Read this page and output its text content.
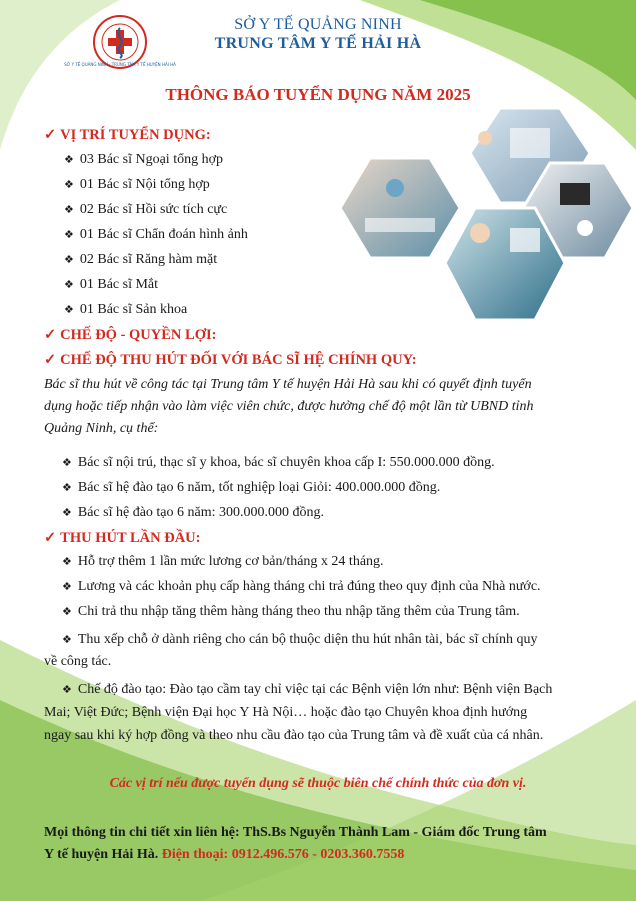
SỞ Y TẾ QUẢNG NINH · TRUNG TÂM Y TẾ HUYỆN HẢI HÀ
SỞ Y TẾ QUẢNG NINH
TRUNG TÂM Y TẾ HẢI HÀ
THÔNG BÁO TUYỂN DỤNG NĂM 2025
✓ VỊ TRÍ TUYỂN DỤNG:
❖ 03 Bác sĩ Ngoại tổng hợp
❖ 01 Bác sĩ Nội tổng hợp
❖ 02 Bác sĩ Hồi sức tích cực
❖ 01 Bác sĩ Chẩn đoán hình ảnh
❖ 02 Bác sĩ Răng hàm mặt
❖ 01 Bác sĩ Mắt
❖ 01 Bác sĩ Sản khoa
✓ CHẾ ĐỘ - QUYỀN LỢI:
✓ CHẾ ĐỘ THU HÚT ĐỐI VỚI BÁC SĨ HỆ CHÍNH QUY:
Bác sĩ thu hút về công tác tại Trung tâm Y tế huyện Hải Hà sau khi có quyết định tuyển
dụng hoặc tiếp nhận vào làm việc viên chức, được hưởng chế độ một lần từ UBND tỉnh
Quảng Ninh, cụ thể:
❖ Bác sĩ nội trú, thạc sĩ y khoa, bác sĩ chuyên khoa cấp I: 550.000.000 đồng.
❖ Bác sĩ hệ đào tạo 6 năm, tốt nghiệp loại Giỏi: 400.000.000 đồng.
❖ Bác sĩ hệ đào tạo 6 năm: 300.000.000 đồng.
✓ THU HÚT LẦN ĐẦU:
❖ Hỗ trợ thêm 1 lần mức lương cơ bản/tháng x 24 tháng.
❖ Lương và các khoản phụ cấp hàng tháng chi trả đúng theo quy định của Nhà nước.
❖ Chi trả thu nhập tăng thêm hàng tháng theo thu nhập tăng thêm của Trung tâm.
❖ Thu xếp chỗ ở dành riêng cho cán bộ thuộc diện thu hút nhân tài, bác sĩ chính quy
về công tác.
❖ Chế độ đào tạo: Đào tạo cầm tay chỉ việc tại các Bệnh viện lớn như: Bệnh viện Bạch
Mai; Việt Đức; Bệnh viện Đại học Y Hà Nội… hoặc đào tạo Chuyên khoa định hướng
ngay sau khi ký hợp đồng và theo nhu cầu đào tạo của Trung tâm và đề xuất của cá nhân.
Các vị trí nếu được tuyển dụng sẽ thuộc biên chế chính thức của đơn vị.
Mọi thông tin chi tiết xin liên hệ: ThS.Bs Nguyễn Thành Lam - Giám đốc Trung tâm
Y tế huyện Hải Hà. Điện thoại: 0912.496.576 - 0203.360.7558
